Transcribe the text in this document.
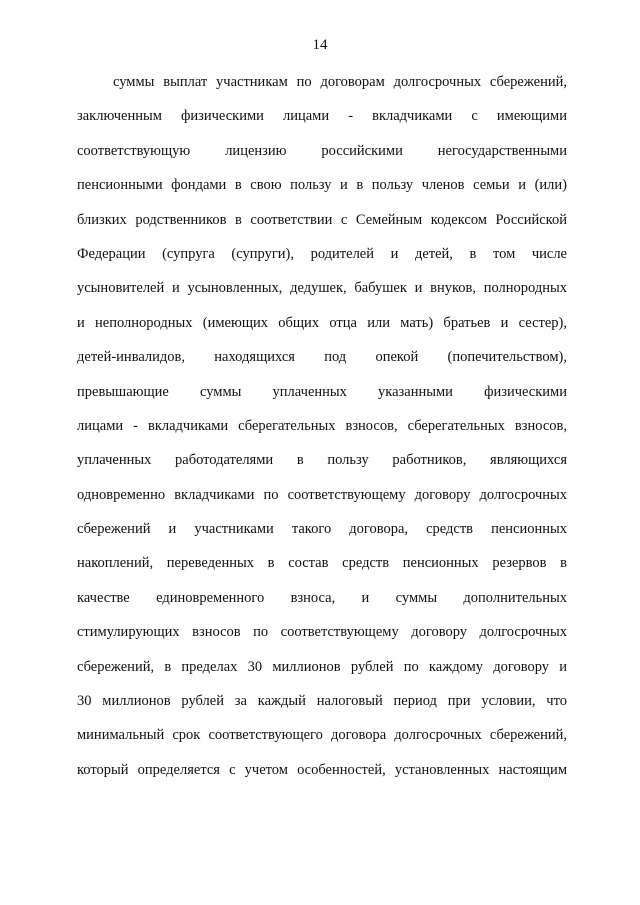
14
суммы выплат участникам по договорам долгосрочных сбережений,
заключенным физическими лицами - вкладчиками с имеющими
соответствующую лицензию российскими негосударственными
пенсионными фондами в свою пользу и в пользу членов семьи и (или)
близких родственников в соответствии с Семейным кодексом Российской
Федерации (супруга (супруги), родителей и детей, в том числе
усыновителей и усыновленных, дедушек, бабушек и внуков, полнородных
и неполнородных (имеющих общих отца или мать) братьев и сестер),
детей-инвалидов, находящихся под опекой (попечительством),
превышающие суммы уплаченных указанными физическими
лицами - вкладчиками сберегательных взносов, сберегательных взносов,
уплаченных работодателями в пользу работников, являющихся
одновременно вкладчиками по соответствующему договору долгосрочных
сбережений и участниками такого договора, средств пенсионных
накоплений, переведенных в состав средств пенсионных резервов в
качестве единовременного взноса, и суммы дополнительных
стимулирующих взносов по соответствующему договору долгосрочных
сбережений, в пределах 30 миллионов рублей по каждому договору и
30 миллионов рублей за каждый налоговый период при условии, что
минимальный срок соответствующего договора долгосрочных сбережений,
который определяется с учетом особенностей, установленных настоящим
